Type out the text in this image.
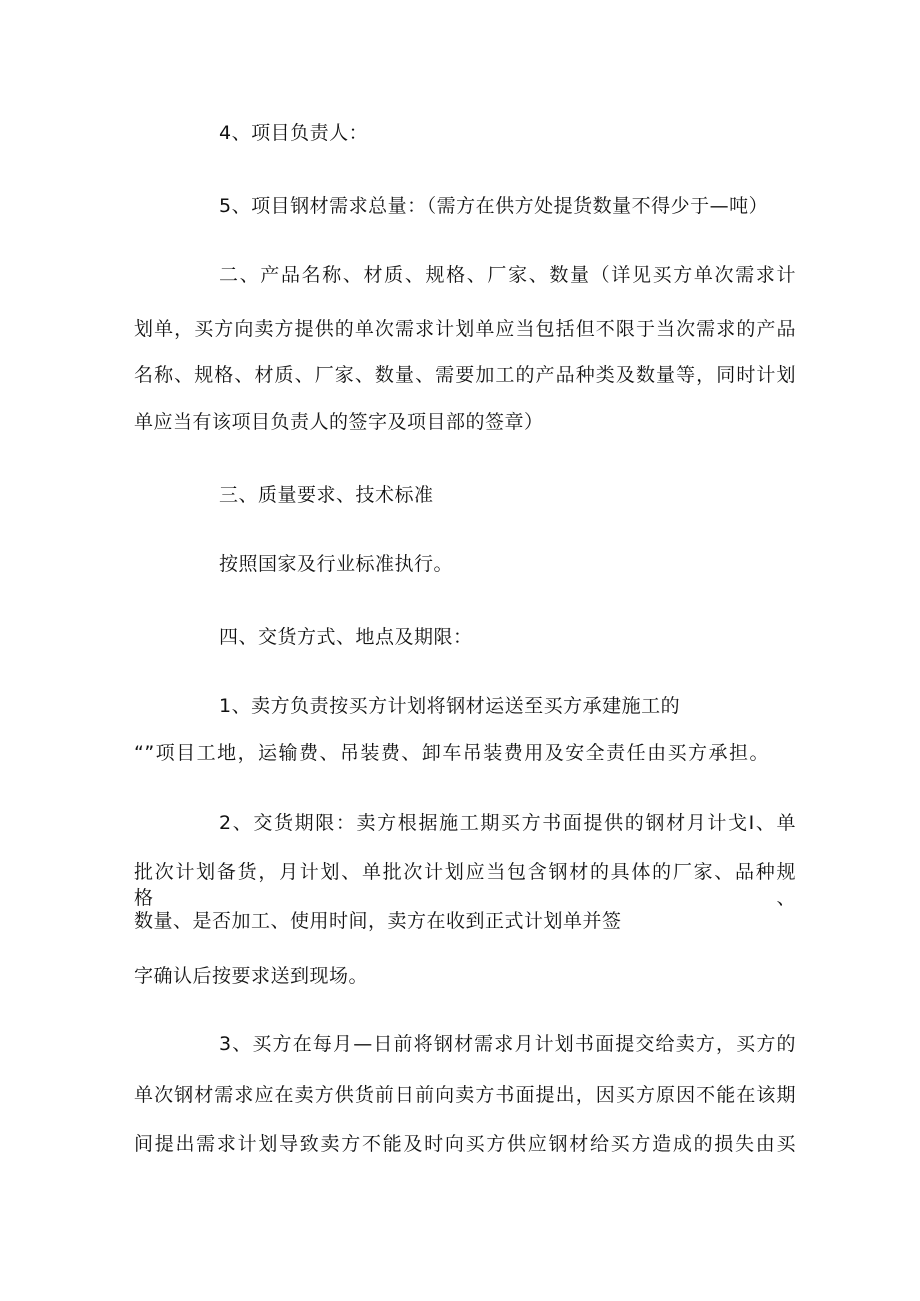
4、项目负责人：
5、项目钢材需求总量：（需方在供方处提货数量不得少于—吨）
二、产品名称、材质、规格、厂家、数量（详见买方单次需求计
划单，买方向卖方提供的单次需求计划单应当包括但不限于当次需求的产品
名称、规格、材质、厂家、数量、需要加工的产品种类及数量等，同时计划
单应当有该项目负责人的签字及项目部的签章）
三、质量要求、技术标准
按照国家及行业标准执行。
四、交货方式、地点及期限：
1、卖方负责按买方计划将钢材运送至买方承建施工的
“”项目工地，运输费、吊装费、卸车吊装费用及安全责任由买方承担。
2、交货期限：卖方根据施工期买方书面提供的钢材月计戈I、单
批次计划备货，月计划、单批次计划应当包含钢材的具体的厂家、品种规格、
数量、是否加工、使用时间，卖方在收到正式计划单并签
字确认后按要求送到现场。
3、买方在每月—日前将钢材需求月计划书面提交给卖方，买方的
单次钢材需求应在卖方供货前日前向卖方书面提出，因买方原因不能在该期
间提出需求计划导致卖方不能及时向买方供应钢材给买方造成的损失由买
